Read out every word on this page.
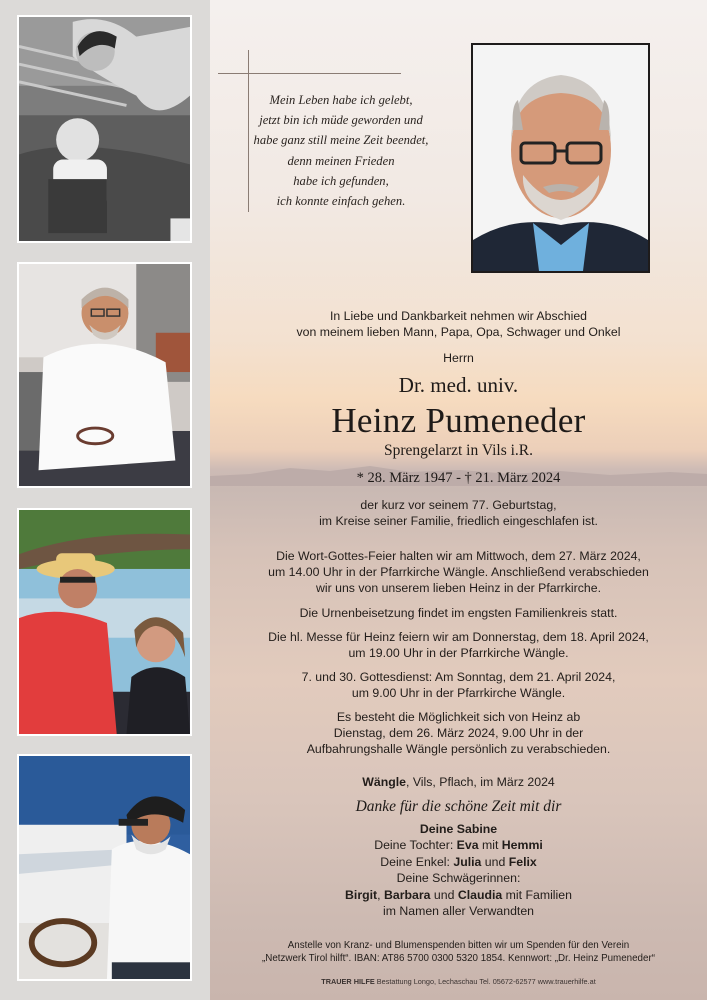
Mein Leben habe ich gelebt,
jetzt bin ich müde geworden und
habe ganz still meine Zeit beendet,
denn meinen Frieden
habe ich gefunden,
ich konnte einfach gehen.
In Liebe und Dankbarkeit nehmen wir Abschied
von meinem lieben Mann, Papa, Opa, Schwager und Onkel
Herrn
Dr. med. univ.
Heinz Pumeneder
Sprengelarzt in Vils i.R.
* 28. März 1947 - † 21. März 2024
der kurz vor seinem 77. Geburtstag,
im Kreise seiner Familie, friedlich eingeschlafen ist.
Die Wort-Gottes-Feier halten wir am Mittwoch, dem 27. März 2024,
um 14.00 Uhr in der Pfarrkirche Wängle. Anschließend verabschieden
wir uns von unserem lieben Heinz in der Pfarrkirche.
Die Urnenbeisetzung findet im engsten Familienkreis statt.
Die hl. Messe für Heinz feiern wir am Donnerstag, dem 18. April 2024,
um 19.00 Uhr in der Pfarrkirche Wängle.
7. und 30. Gottesdienst: Am Sonntag, dem 21. April 2024,
um 9.00 Uhr in der Pfarrkirche Wängle.
Es besteht die Möglichkeit sich von Heinz ab
Dienstag, dem 26. März 2024, 9.00 Uhr in der
Aufbahrungshalle Wängle persönlich zu verabschieden.
Wängle, Vils, Pflach, im März 2024
Danke für die schöne Zeit mit dir
Deine Sabine
Deine Tochter: Eva mit Hemmi
Deine Enkel: Julia und Felix
Deine Schwägerinnen:
Birgit, Barbara und Claudia mit Familien
im Namen aller Verwandten
Anstelle von Kranz- und Blumenspenden bitten wir um Spenden für den Verein
„Netzwerk Tirol hilft“. IBAN: AT86 5700 0300 5320 1854. Kennwort: „Dr. Heinz Pumeneder“
TRAUER HILFE Bestattung Longo, Lechaschau Tel. 05672-62577 www.trauerhilfe.at
